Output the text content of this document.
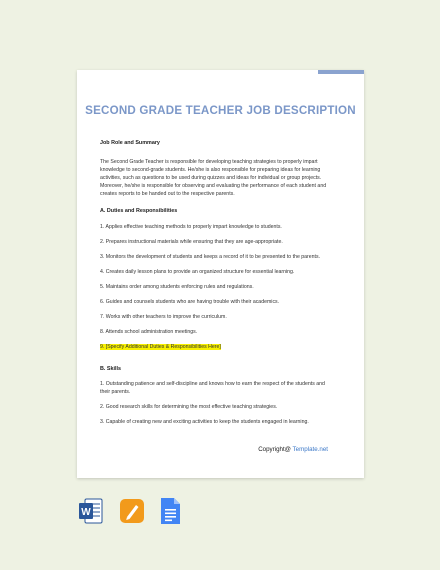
SECOND GRADE TEACHER JOB DESCRIPTION
Job Role and Summary
The Second Grade Teacher is responsible for developing teaching strategies to properly impart
knowledge to second-grade students. He/she is also responsible for preparing ideas for learning
activities, such as questions to be used during quizzes and ideas for individual or group projects.
Moreover, he/she is responsible for observing and evaluating the performance of each student and
creates reports to be handed out to the respective parents.
A. Duties and Responsibilities
1. Applies effective teaching methods to properly impart knowledge to students.
2. Prepares instructional materials while ensuring that they are age-appropriate.
3. Monitors the development of students and keeps a record of it to be presented to the parents.
4. Creates daily lesson plans to provide an organized structure for essential learning.
5. Maintains order among students enforcing rules and regulations.
6. Guides and counsels students who are having trouble with their academics.
7. Works with other teachers to improve the curriculum.
8. Attends school administration meetings.
9. [Specify Additional Duties & Responsibilities Here]
B. Skills
1. Outstanding patience and self-discipline and knows how to earn the respect of the students and
their parents.
2. Good research skills for determining the most effective teaching strategies.
3. Capable of creating new and exciting activities to keep the students engaged in learning.
Copyright@ Template.net
W
